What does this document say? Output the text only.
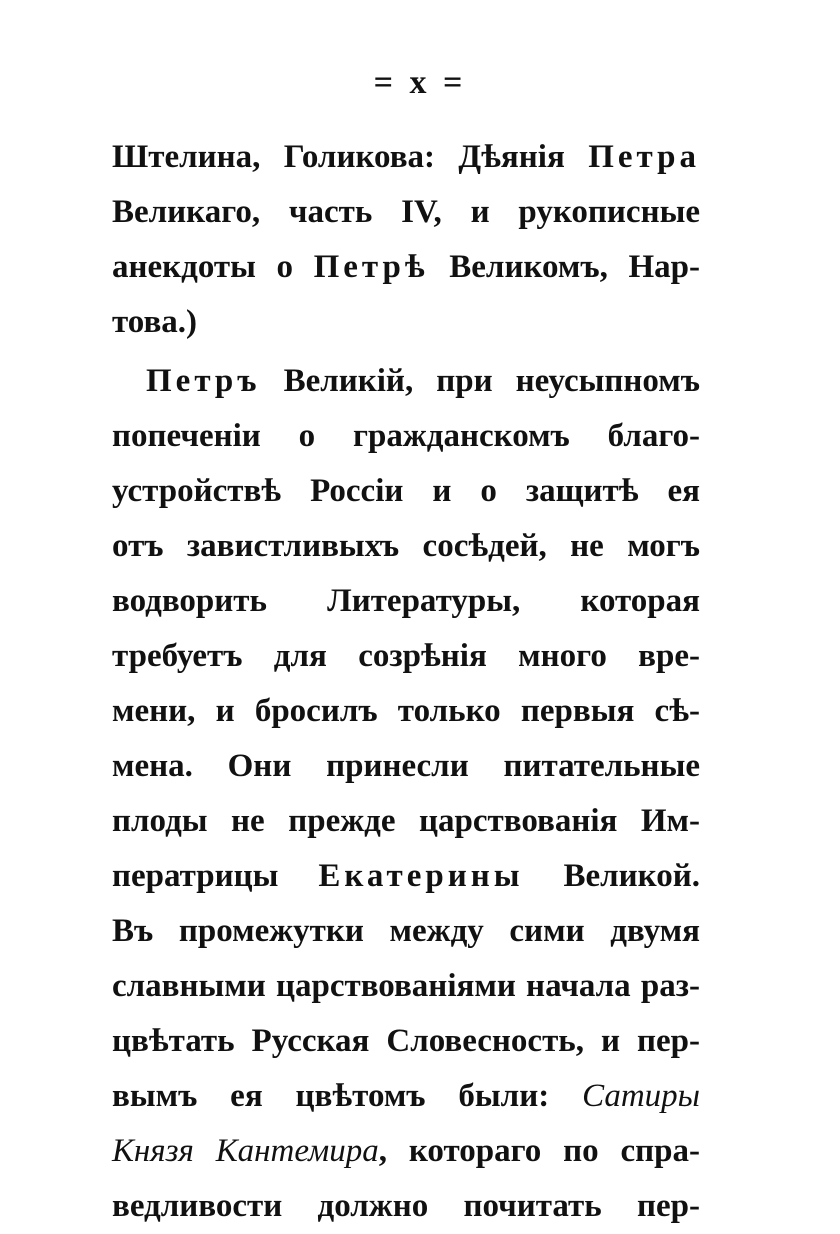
= x =
Штелина, Голикова: Дѣянія Петра
Великаго, часть IV, и рукописные
анекдоты о Петрѣ Великомъ, Нар-
това.)
Петръ Великій, при неусыпномъ
попеченіи о гражданскомъ благо-
устройствѣ Россіи и о защитѣ ея
отъ завистливыхъ сосѣдей, не могъ
водворить Литературы, которая
требуетъ для созрѣнія много вре-
мени, и бросилъ только первыя сѣ-
мена. Они принесли питательные
плоды не прежде царствованія Им-
ператрицы Екатерины Великой.
Въ промежутки между сими двумя
славными царствованіями начала раз-
цвѣтать Русская Словесность, и пер-
вымъ ея цвѣтомъ были: Сатиры
Князя Кантемира, котораго по спра-
ведливости должно почитать пер-
